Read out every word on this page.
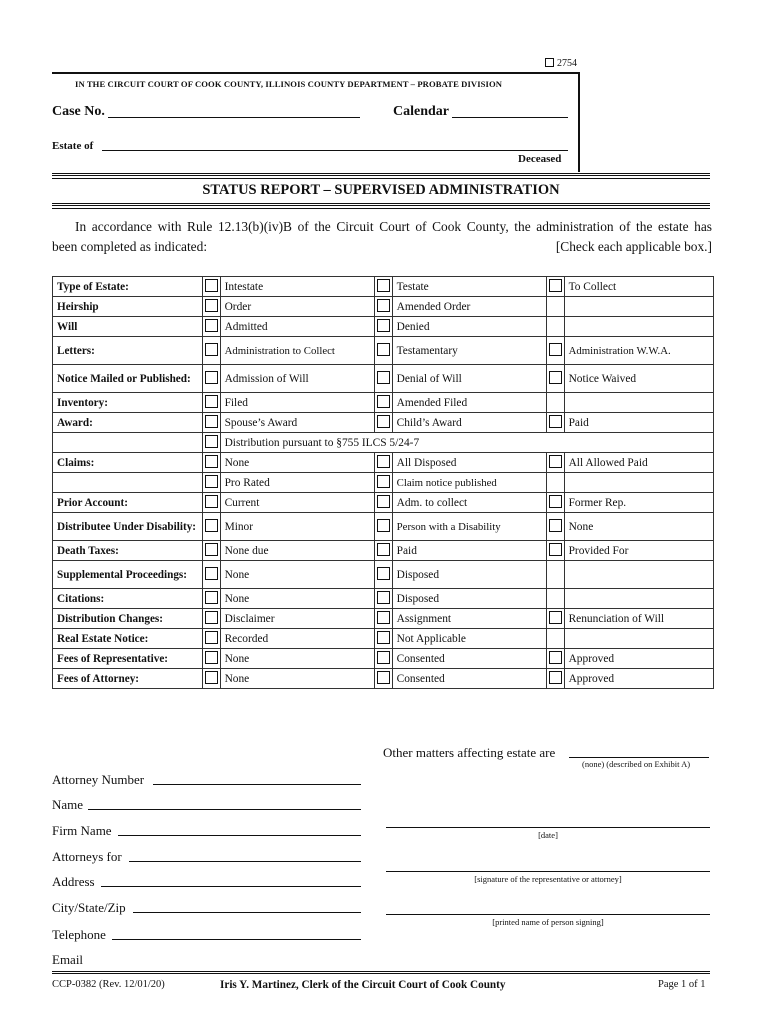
2754
IN THE CIRCUIT COURT OF COOK COUNTY, ILLINOIS COUNTY DEPARTMENT – PROBATE DIVISION
Case No.	Calendar
Estate of
Deceased
STATUS REPORT – SUPERVISED ADMINISTRATION
In accordance with Rule 12.13(b)(iv)B of the Circuit Court of Cook County, the administration of the estate has
been completed as indicated:	[Check each applicable box.]
Type of Estate:		Intestate		Testate		To Collect
Heirship		Order		Amended Order		
Will		Admitted		Denied		
Letters:		Administration to Collect		Testamentary		Administration W.W.A.
Notice Mailed or Published:		Admission of Will		Denial of Will		Notice Waived
Inventory:		Filed		Amended Filed		
Award:		Spouse’s Award		Child’s Award		Paid
		Distribution pursuant to §755 ILCS 5/24-7				
Claims:		None		All Disposed		All Allowed Paid
		Pro Rated		Claim notice published		
Prior Account:		Current		Adm. to collect		Former Rep.
Distributee Under Disability:		Minor		Person with a Disability		None
Death Taxes:		None due		Paid		Provided For
Supplemental Proceedings:		None		Disposed		
Citations:		None		Disposed		
Distribution Changes:		Disclaimer		Assignment		Renunciation of Will
Real Estate Notice:		Recorded		Not Applicable		
Fees of Representative:		None		Consented		Approved
Fees of Attorney:		None		Consented		Approved
Other matters affecting estate are
(none) (described on Exhibit A)
Attorney Number
Name
Firm Name
Attorneys for
Address
City/State/Zip
Telephone
Email
[date]
[signature of the representative or attorney]
[printed name of person signing]
CCP-0382 (Rev. 12/01/20)	Iris Y. Martinez, Clerk of the Circuit Court of Cook County	Page 1 of 1
